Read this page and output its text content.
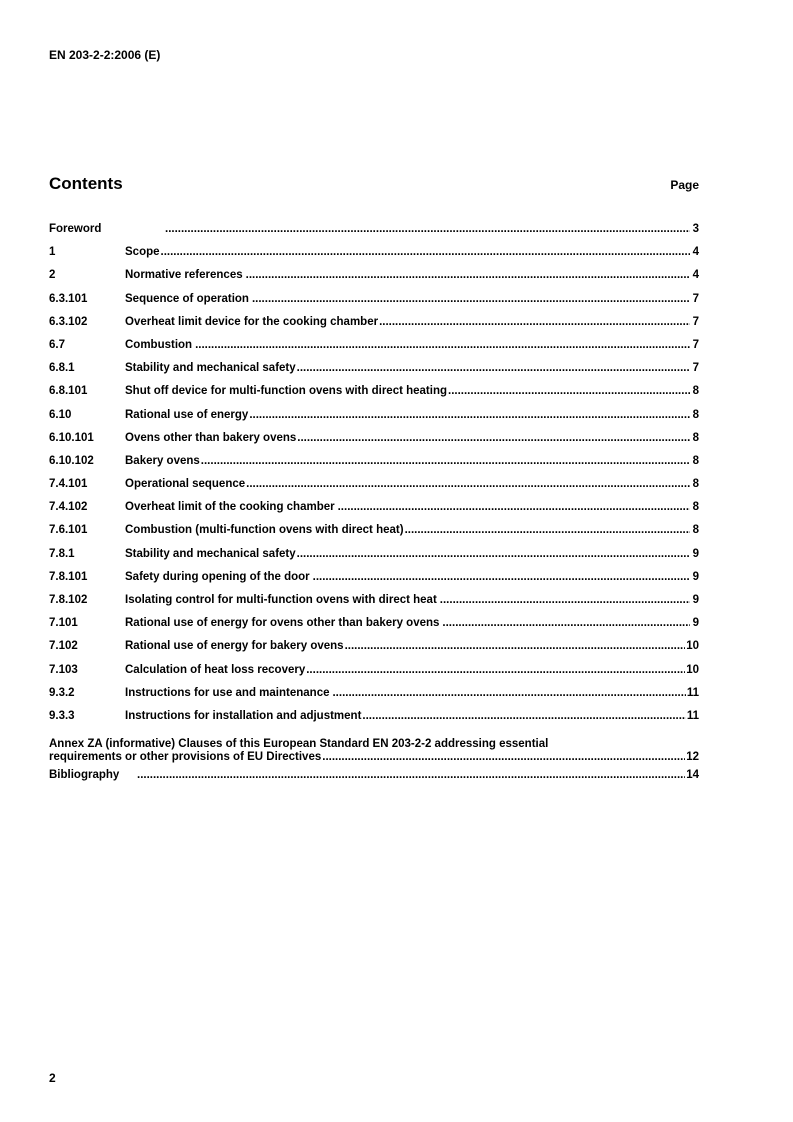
EN 203-2-2:2006 (E)
Contents	Page
Foreword .....	3
1	Scope .....	4
2	Normative references .....	4
6.3.101	Sequence of operation .....	7
6.3.102	Overheat limit device for the cooking chamber .....	7
6.7	Combustion .....	7
6.8.1	Stability and mechanical safety .....	7
6.8.101	Shut off device for multi-function ovens with direct heating .....	8
6.10	Rational use of energy .....	8
6.10.101	Ovens other than bakery ovens .....	8
6.10.102	Bakery ovens .....	8
7.4.101	Operational sequence .....	8
7.4.102	Overheat limit of the cooking chamber .....	8
7.6.101	Combustion (multi-function ovens with direct heat) .....	8
7.8.1	Stability and mechanical safety .....	9
7.8.101	Safety during opening of the door .....	9
7.8.102	Isolating control for multi-function ovens with direct heat .....	9
7.101	Rational use of energy for ovens other than bakery ovens .....	9
7.102	Rational use of energy for bakery ovens .....	10
7.103	Calculation of heat loss recovery .....	10
9.3.2	Instructions for use and maintenance .....	11
9.3.3	Instructions for installation and adjustment .....	11
Annex ZA (informative) Clauses of this European Standard EN 203-2-2 addressing essential
requirements or other provisions of EU Directives .....	12
Bibliography .....	14
2
